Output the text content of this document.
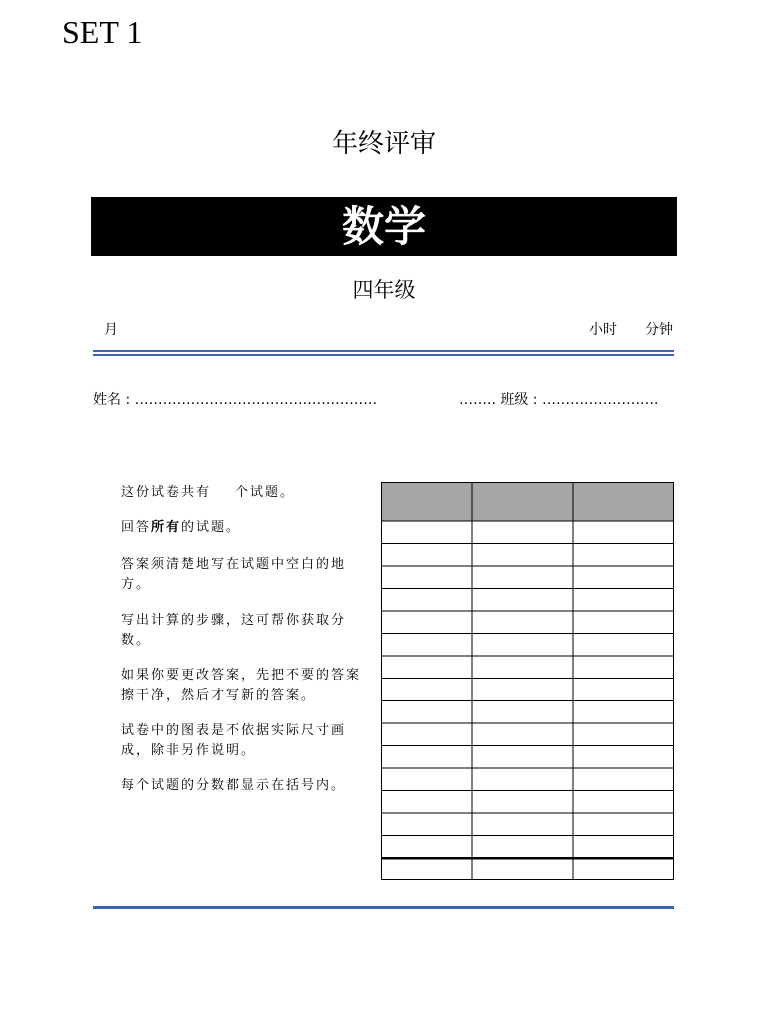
SET 1
年终评审
数学
四年级
月	小时 分钟
姓名 : ……………………………….……………	…….. 班级 : …………………….
这份试卷共有 个试题。
回答所有的试题。
答案须清楚地写在试题中空白的地方。
写出计算的步骤，这可帮你获取分数。
如果你要更改答案，先把不要的答案擦干净，然后才写新的答案。
试卷中的图表是不依据实际尺寸画成，除非另作说明。
每个试题的分数都显示在括号内。
